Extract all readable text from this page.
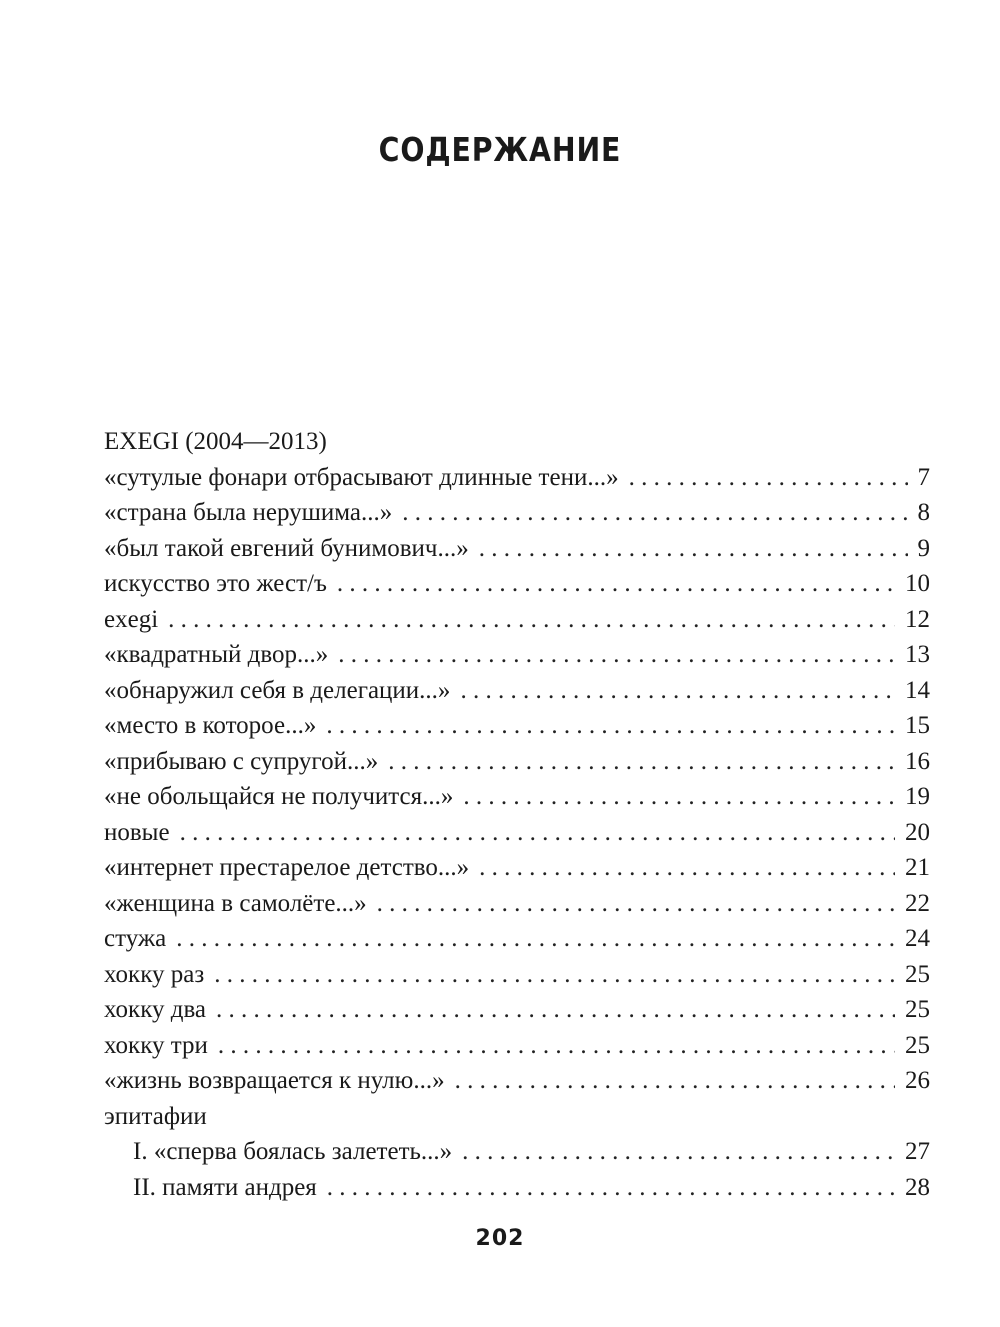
СОДЕРЖАНИЕ
EXEGI (2004—2013)
«сутулые фонари отбрасывают длинные тени...» . . .	7
«страна была нерушима...» . . .	8
«был такой евгений бунимович...» . . .	9
искусство это жест/ъ . . .	10
exegi . . .	12
«квадратный двор...» . . .	13
«обнаружил себя в делегации...» . . .	14
«место в которое...» . . .	15
«прибываю с супругой...» . . .	16
«не обольщайся не получится...» . . .	19
новые . . .	20
«интернет престарелое детство...» . . .	21
«женщина в самолёте...» . . .	22
стужа . . .	24
хокку раз . . .	25
хокку два . . .	25
хокку три . . .	25
«жизнь возвращается к нулю...» . . .	26
эпитафии
I. «сперва боялась залететь...» . . .	27
II. памяти андрея . . .	28
202
